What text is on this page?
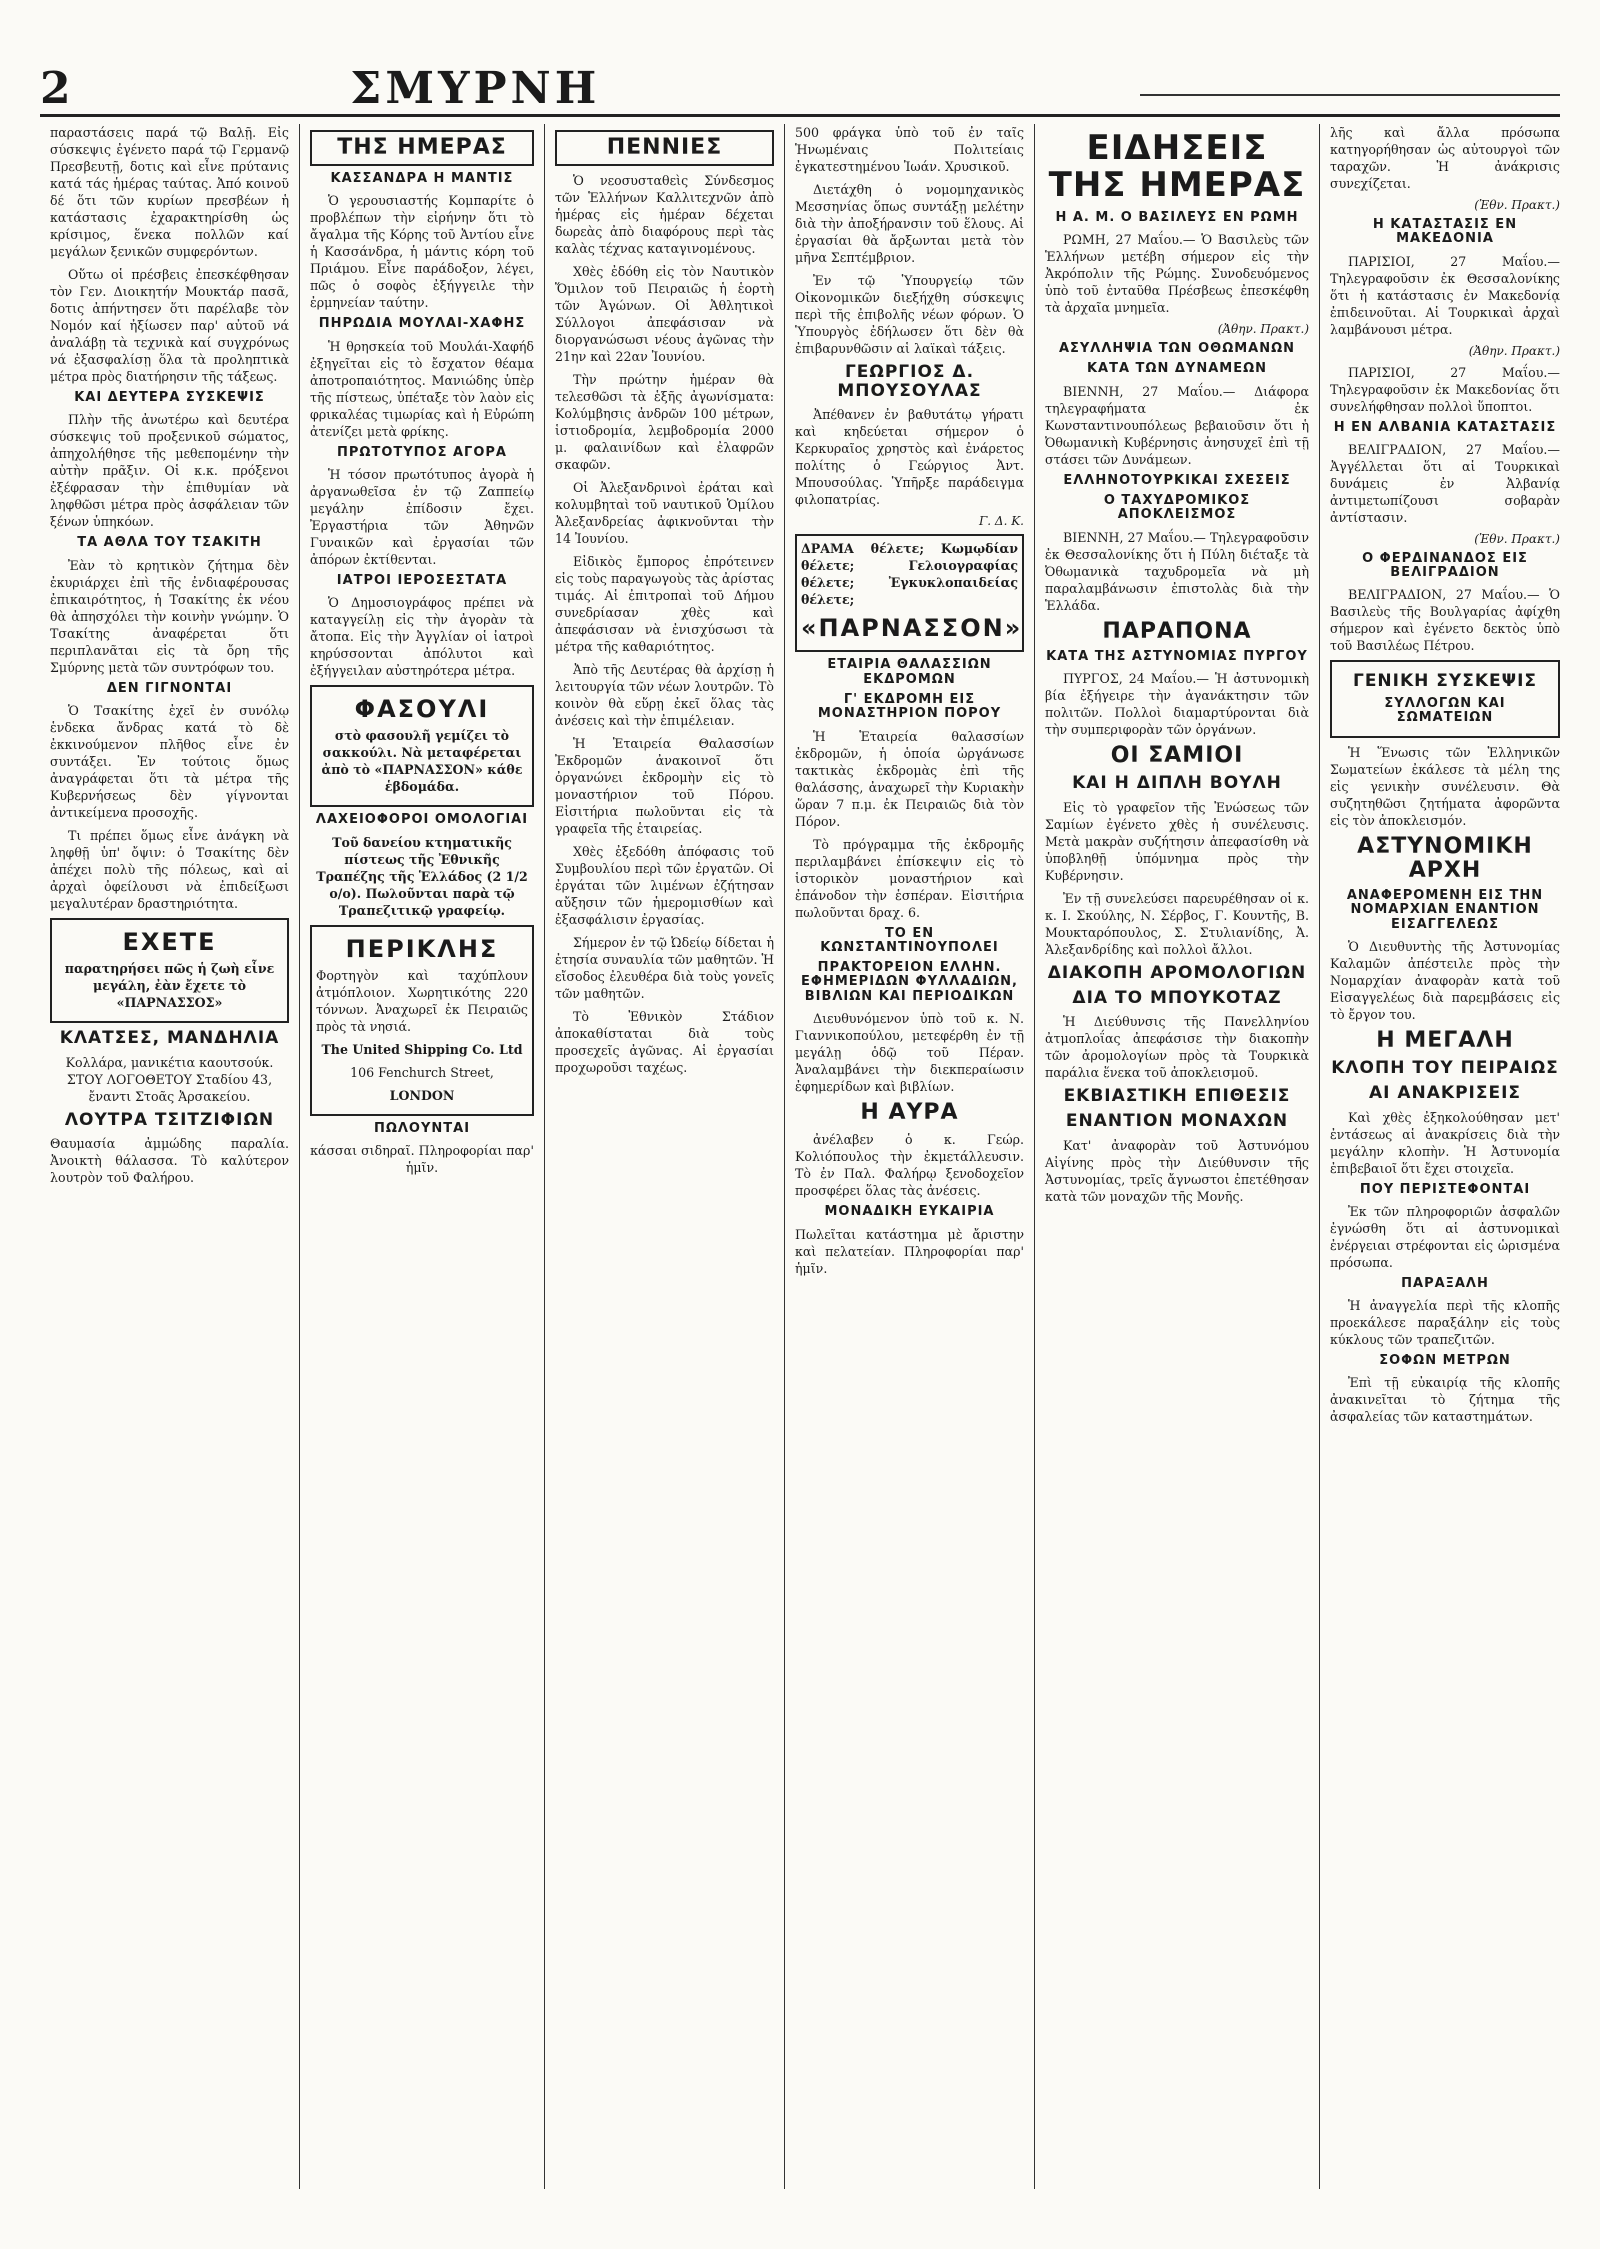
2	ΣΜΥΡΝΗ

παραστάσεις παρά τῷ Βαλῇ. Εἰς σύσκεψις ἐγένετο παρά τῷ Γερμανῷ Πρεσβευτῇ, δοτις καὶ εἶνε πρύτανις κατά τάς ἡμέρας ταύτας. Ἀπό κοινοῦ δέ ὅτι τῶν κυρίων πρεσβέων ἡ κατάστασις ἐχαρακτηρίσθη ὡς κρίσιμος, ἕνεκα πολλῶν καί μεγάλων ξενικῶν συμφερόντων.

Οὕτω οἱ πρέσβεις ἐπεσκέφθησαν τὸν Γεν. Διοικητήν Μουκτάρ πασᾶ, δοτις ἀπήντησεν ὅτι παρέλαβε τὸν Νομόν καί ἠξίωσεν παρ' αὐτοῦ νά ἀναλάβῃ τὰ τεχνικὰ καί συγχρόνως νά ἐξασφαλίσῃ ὅλα τὰ προληπτικὰ μέτρα πρὸς διατήρησιν τῆς τάξεως.

ΚΑΙ ΔΕΥΤΕΡΑ ΣΥΣΚΕΨΙΣ

Πλὴν τῆς ἀνωτέρω καὶ δευτέρα σύσκεψις τοῦ προξενικοῦ σώματος, ἀπηχολήθησε τῆς μεθεπομένην τὴν αὐτὴν πρᾶξιν. Οἱ κ.κ. πρόξενοι ἐξέφρασαν τὴν ἐπιθυμίαν νὰ ληφθῶσι μέτρα πρὸς ἀσφάλειαν τῶν ξένων ὑπηκόων.

ΤΑ ΑΘΛΑ ΤΟΥ ΤΣΑΚΙΤΗ

Ἐὰν τὸ κρητικὸν ζήτημα δὲν ἐκυριάρχει ἐπὶ τῆς ἐνδιαφέρουσας ἐπικαιρότητος, ἡ Τσακίτης ἐκ νέου θὰ ἀπησχόλει τὴν κοινὴν γνώμην. Ὁ Τσακίτης ἀναφέρεται ὅτι περιπλανᾶται εἰς τὰ ὄρη τῆς Σμύρνης μετὰ τῶν συντρόφων του.

ΔΕΝ ΓΙΓΝΟΝΤΑΙ

Ὁ Τσακίτης ἐχεῖ ἐν συνόλῳ ἑνδεκα ἄνδρας κατά τὸ δὲ ἐκκινούμενον πλῆθος εἶνε ἐν συντάξει. Ἐν τούτοις ὅμως ἀναγράφεται ὅτι τὰ μέτρα τῆς Κυβερνήσεως δὲν γίγνονται ἀντικείμενα προσοχῆς.

Τι πρέπει ὅμως εἶνε ἀνάγκη νὰ ληφθῇ ὑπ' ὄψιν: ὁ Τσακίτης δὲν ἀπέχει πολὺ τῆς πόλεως, καὶ αἱ ἀρχαὶ ὀφείλουσι νὰ ἐπιδείξωσι μεγαλυτέραν δραστηριότητα.

ΕΧΕΤΕ

παρατηρήσει πῶς ἡ ζωὴ εἶνε μεγάλη, ἐὰν ἔχετε τὸ «ΠΑΡΝΑΣΣΟΣ»

ΚΛΑΤΣΕΣ, ΜΑΝΔΗΛΙΑ

Κολλάρα, μανικέτια καουτσούκ. ΣΤΟΥ ΛΟΓΟΘΕΤΟΥ Σταδίου 43, ἔναντι Στοᾶς Ἀρσακείου.

ΛΟΥΤΡΑ ΤΣΙΤΖΙΦΙΩΝ

Θαυμασία ἀμμώδης παραλία. Ἀνοικτὴ θάλασσα. Τὸ καλύτερον λουτρὸν τοῦ Φαλήρου.

ΤΗΣ ΗΜΕΡΑΣ
ΚΑΣΣΑΝΔΡΑ Η ΜΑΝΤΙΣ

Ὁ γερουσιαστής Κομπαρίτε ὁ προβλέπων τὴν εἰρήνην ὅτι τὸ ἄγαλμα τῆς Κόρης τοῦ Ἀντίου εἶνε ἡ Κασσάνδρα, ἡ μάντις κόρη τοῦ Πριάμου. Εἶνε παράδοξον, λέγει, πῶς ὁ σοφὸς ἐξήγγειλε τὴν ἐρμηνείαν ταύτην.

ΠΗΡΩΔΙΑ ΜΟΥΛΑΙ-ΧΑΦΗΣ

Ἡ θρησκεία τοῦ Μουλάι-Χαφήδ ἐξηγεῖται εἰς τὸ ἔσχατον θέαμα ἀποτροπαιότητος. Μανιώδης ὑπὲρ τῆς πίστεως, ὑπέταξε τὸν λαὸν εἰς φρικαλέας τιμωρίας καὶ ἡ Εὐρώπη ἀτενίζει μετὰ φρίκης.

ΠΡΩΤΟΤΥΠΟΣ ΑΓΟΡΑ

Ἡ τόσον πρωτότυπος ἀγορὰ ἡ ἀργανωθεῖσα ἐν τῷ Ζαππείῳ μεγάλην ἐπίδοσιν ἔχει. Ἐργαστήρια τῶν Ἀθηνῶν Γυναικῶν καὶ ἐργασίαι τῶν ἀπόρων ἐκτίθενται.

ΙΑΤΡΟΙ ΙΕΡΟΣΕΣΤΑΤΑ

Ὁ Δημοσιογράφος πρέπει νὰ καταγγείλῃ εἰς τὴν ἀγορὰν τὰ ἄτοπα. Εἰς τὴν Ἀγγλίαν οἱ ἰατροὶ κηρύσσονται ἀπόλυτοι καὶ ἐξήγγειλαν αὐστηρότερα μέτρα.

ΦΑΣΟΥΛΙ

στὸ φασουλῆ γεμίζει τὸ σακκούλι. Νὰ μεταφέρεται ἀπὸ τὸ «ΠΑΡΝΑΣΣΟΝ» κάθε ἑβδομάδα.

ΛΑΧΕΙΟΦΟΡΟΙ ΟΜΟΛΟΓΙΑΙ

Τοῦ δανείου κτηματικῆς πίστεως τῆς Ἐθνικῆς Τραπέζης τῆς Ἑλλάδος (2 1/2 ο/ο). Πωλοῦνται παρὰ τῷ Τραπεζιτικῷ γραφείῳ.

ΠΕΡΙΚΛΗΣ

Φορτηγὸν καὶ ταχύπλουν ἀτμόπλοιον. Χωρητικότης 220 τόννων. Ἀναχωρεῖ ἐκ Πειραιῶς πρὸς τὰ νησιά.

The United Shipping Co. Ltd

106 Fenchurch Street,

LONDON

ΠΩΛΟΥΝΤΑΙ

κάσσαι σιδηραῖ. Πληροφορίαι παρ' ἡμῖν.

ΠΕΝΝΙΕΣ

Ὁ νεοσυσταθεὶς Σύνδεσμος τῶν Ἑλλήνων Καλλιτεχνῶν ἀπὸ ἡμέρας εἰς ἡμέραν δέχεται δωρεὰς ἀπὸ διαφόρους περὶ τὰς καλὰς τέχνας καταγινομένους.

Χθὲς ἐδόθη εἰς τὸν Ναυτικὸν Ὅμιλον τοῦ Πειραιῶς ἡ ἑορτὴ τῶν Ἀγώνων. Οἱ Ἀθλητικοὶ Σύλλογοι ἀπεφάσισαν νὰ διοργανώσωσι νέους ἀγῶνας τὴν 21ην καὶ 22αν Ἰουνίου.

Τὴν πρώτην ἡμέραν θὰ τελεσθῶσι τὰ ἑξῆς ἀγωνίσματα: Κολύμβησις ἀνδρῶν 100 μέτρων, ἱστιοδρομία, λεμβοδρομία 2000 μ. φαλαινίδων καὶ ἐλαφρῶν σκαφῶν.

Οἱ Ἀλεξανδρινοὶ ἐράται καὶ κολυμβηταὶ τοῦ ναυτικοῦ Ὁμίλου Ἀλεξανδρείας ἀφικνοῦνται τὴν 14 Ἰουνίου.

Εἰδικὸς ἔμπορος ἐπρότεινεν εἰς τοὺς παραγωγοὺς τὰς ἀρίστας τιμάς. Αἱ ἐπιτροπαὶ τοῦ Δήμου συνεδρίασαν χθὲς καὶ ἀπεφάσισαν νὰ ἐνισχύσωσι τὰ μέτρα τῆς καθαριότητος.

Ἀπὸ τῆς Δευτέρας θὰ ἀρχίσῃ ἡ λειτουργία τῶν νέων λουτρῶν. Τὸ κοινὸν θὰ εὕρῃ ἐκεῖ ὅλας τὰς ἀνέσεις καὶ τὴν ἐπιμέλειαν.

Ἡ Ἑταιρεία Θαλασσίων Ἐκδρομῶν ἀνακοινοῖ ὅτι ὀργανώνει ἐκδρομὴν εἰς τὸ μοναστήριον τοῦ Πόρου. Εἰσιτήρια πωλοῦνται εἰς τὰ γραφεῖα τῆς ἑταιρείας.

Χθὲς ἐξεδόθη ἀπόφασις τοῦ Συμβουλίου περὶ τῶν ἐργατῶν. Οἱ ἐργάται τῶν λιμένων ἐζήτησαν αὔξησιν τῶν ἡμερομισθίων καὶ ἐξασφάλισιν ἐργασίας.

Σήμερον ἐν τῷ Ὠδείῳ δίδεται ἡ ἐτησία συναυλία τῶν μαθητῶν. Ἡ εἴσοδος ἐλευθέρα διὰ τοὺς γονεῖς τῶν μαθητῶν.

Τὸ Ἐθνικὸν Στάδιον ἀποκαθίσταται διὰ τοὺς προσεχεῖς ἀγῶνας. Αἱ ἐργασίαι προχωροῦσι ταχέως.

500 φράγκα ὑπὸ τοῦ ἐν ταῖς Ἡνωμέναις Πολιτείαις ἐγκατεστημένου Ἰωάν. Χρυσικοῦ.

Διετάχθη ὁ νομομηχανικὸς Μεσσηνίας ὅπως συντάξῃ μελέτην διὰ τὴν ἀποξήρανσιν τοῦ ἕλους. Αἱ ἐργασίαι θὰ ἄρξωνται μετὰ τὸν μῆνα Σεπτέμβριον.

Ἐν τῷ Ὑπουργείῳ τῶν Οἰκονομικῶν διεξήχθη σύσκεψις περὶ τῆς ἐπιβολῆς νέων φόρων. Ὁ Ὑπουργὸς ἐδήλωσεν ὅτι δὲν θὰ ἐπιβαρυνθῶσιν αἱ λαϊκαὶ τάξεις.

ΓΕΩΡΓΙΟΣ Δ. ΜΠΟΥΣΟΥΛΑΣ

Ἀπέθανεν ἐν βαθυτάτῳ γήρατι καὶ κηδεύεται σήμερον ὁ Κερκυραῖος χρηστὸς καὶ ἐνάρετος πολίτης ὁ Γεώργιος Ἀντ. Μπουσούλας. Ὑπῆρξε παράδειγμα φιλοπατρίας.

Γ. Δ. Κ.

ΔΡΑΜΑ θέλετε; Κωμῳδίαν θέλετε; Γελοιογραφίας θέλετε; Ἐγκυκλοπαιδείας θέλετε;

«ΠΑΡΝΑΣΣΟΝ»
ΕΤΑΙΡΙΑ ΘΑΛΑΣΣΙΩΝ ΕΚΔΡΟΜΩΝ
Γ' ΕΚΔΡΟΜΗ ΕΙΣ ΜΟΝΑΣΤΗΡΙΟΝ ΠΟΡΟΥ

Ἡ Ἑταιρεία θαλασσίων ἐκδρομῶν, ἡ ὁποία ὠργάνωσε τακτικὰς ἐκδρομὰς ἐπὶ τῆς θαλάσσης, ἀναχωρεῖ τὴν Κυριακὴν ὥραν 7 π.μ. ἐκ Πειραιῶς διὰ τὸν Πόρον.

Τὸ πρόγραμμα τῆς ἐκδρομῆς περιλαμβάνει ἐπίσκεψιν εἰς τὸ ἱστορικὸν μοναστήριον καὶ ἐπάνοδον τὴν ἑσπέραν. Εἰσιτήρια πωλοῦνται δραχ. 6.

ΤΟ ΕΝ ΚΩΝΣΤΑΝΤΙΝΟΥΠΟΛΕΙ
ΠΡΑΚΤΟΡΕΙΟΝ ΕΛΛΗΝ. ΕΦΗΜΕΡΙΔΩΝ ΦΥΛΛΑΔΙΩΝ, ΒΙΒΛΙΩΝ ΚΑΙ ΠΕΡΙΟΔΙΚΩΝ

Διευθυνόμενον ὑπὸ τοῦ κ. Ν. Γιαννικοπούλου, μετεφέρθη ἐν τῇ μεγάλῃ ὁδῷ τοῦ Πέραν. Ἀναλαμβάνει τὴν διεκπεραίωσιν ἐφημερίδων καὶ βιβλίων.

Η ΑΥΡΑ

ἀνέλαβεν ὁ κ. Γεώρ. Κολιόπουλος τὴν ἐκμετάλλευσιν. Τὸ ἐν Παλ. Φαλήρῳ ξενοδοχεῖον προσφέρει ὅλας τὰς ἀνέσεις.

ΜΟΝΑΔΙΚΗ ΕΥΚΑΙΡΙΑ

Πωλεῖται κατάστημα μὲ ἄριστην καὶ πελατείαν. Πληροφορίαι παρ' ἡμῖν.

ΕΙΔΗΣΕΙΣ ΤΗΣ ΗΜΕΡΑΣ
Η Α. Μ. Ο ΒΑΣΙΛΕΥΣ ΕΝ ΡΩΜΗ

ΡΩΜΗ, 27 Μαΐου.— Ὁ Βασιλεὺς τῶν Ἑλλήνων μετέβη σήμερον εἰς τὴν Ἀκρόπολιν τῆς Ρώμης. Συνοδευόμενος ὑπὸ τοῦ ἐνταῦθα Πρέσβεως ἐπεσκέφθη τὰ ἀρχαῖα μνημεῖα.

(Ἀθην. Πρακτ.)

ΑΣΥΛΛΗΨΙΑ ΤΩΝ ΟΘΩΜΑΝΩΝ
ΚΑΤΑ ΤΩΝ ΔΥΝΑΜΕΩΝ

ΒΙΕΝΝΗ, 27 Μαΐου.— Διάφορα τηλεγραφήματα ἐκ Κωνσταντινουπόλεως βεβαιοῦσιν ὅτι ἡ Ὀθωμανικὴ Κυβέρνησις ἀνησυχεῖ ἐπὶ τῇ στάσει τῶν Δυνάμεων.

ΕΛΛΗΝΟΤΟΥΡΚΙΚΑΙ ΣΧΕΣΕΙΣ
Ο ΤΑΧΥΔΡΟΜΙΚΟΣ ΑΠΟΚΛΕΙΣΜΟΣ

ΒΙΕΝΝΗ, 27 Μαΐου.— Τηλεγραφοῦσιν ἐκ Θεσσαλονίκης ὅτι ἡ Πύλη διέταξε τὰ Ὀθωμανικὰ ταχυδρομεῖα νὰ μὴ παραλαμβάνωσιν ἐπιστολὰς διὰ τὴν Ἑλλάδα.

ΠΑΡΑΠΟΝΑ
ΚΑΤΑ ΤΗΣ ΑΣΤΥΝΟΜΙΑΣ ΠΥΡΓΟΥ

ΠΥΡΓΟΣ, 24 Μαΐου.— Ἡ ἀστυνομικὴ βία ἐξήγειρε τὴν ἀγανάκτησιν τῶν πολιτῶν. Πολλοὶ διαμαρτύρονται διὰ τὴν συμπεριφορὰν τῶν ὀργάνων.

ΟΙ ΣΑΜΙΟΙ
ΚΑΙ Η ΔΙΠΛΗ ΒΟΥΛΗ

Εἰς τὸ γραφεῖον τῆς Ἐνώσεως τῶν Σαμίων ἐγένετο χθὲς ἡ συνέλευσις. Μετὰ μακρὰν συζήτησιν ἀπεφασίσθη νὰ ὑποβληθῇ ὑπόμνημα πρὸς τὴν Κυβέρνησιν.

Ἐν τῇ συνελεύσει παρευρέθησαν οἱ κ. κ. Ι. Σκούλης, Ν. Σέρβος, Γ. Κουντῆς, Β. Μουκταρόπουλος, Σ. Στυλιανίδης, Ἀ. Ἀλεξανδρίδης καὶ πολλοὶ ἄλλοι.

ΔΙΑΚΟΠΗ ΑΡΟΜΟΛΟΓΙΩΝ
ΔΙΑ ΤΟ ΜΠΟΥΚΟΤΑΖ

Ἡ Διεύθυνσις τῆς Πανελληνίου ἀτμοπλοΐας ἀπεφάσισε τὴν διακοπὴν τῶν ἀρομολογίων πρὸς τὰ Τουρκικὰ παράλια ἕνεκα τοῦ ἀποκλεισμοῦ.

ΕΚΒΙΑΣΤΙΚΗ ΕΠΙΘΕΣΙΣ
ΕΝΑΝΤΙΟΝ ΜΟΝΑΧΩΝ

Κατ' ἀναφορὰν τοῦ Ἀστυνόμου Αἰγίνης πρὸς τὴν Διεύθυνσιν τῆς Ἀστυνομίας, τρεῖς ἄγνωστοι ἐπετέθησαν κατὰ τῶν μοναχῶν τῆς Μονῆς.

λῆς καὶ ἄλλα πρόσωπα κατηγορήθησαν ὡς αὐτουργοὶ τῶν ταραχῶν. Ἡ ἀνάκρισις συνεχίζεται.

(Ἐθν. Πρακτ.)

Η ΚΑΤΑΣΤΑΣΙΣ ΕΝ ΜΑΚΕΔΟΝΙΑ

ΠΑΡΙΣΙΟΙ, 27 Μαΐου.— Τηλεγραφοῦσιν ἐκ Θεσσαλονίκης ὅτι ἡ κατάστασις ἐν Μακεδονίᾳ ἐπιδεινοῦται. Αἱ Τουρκικαὶ ἀρχαὶ λαμβάνουσι μέτρα.

(Ἀθην. Πρακτ.)

ΠΑΡΙΣΙΟΙ, 27 Μαΐου.— Τηλεγραφοῦσιν ἐκ Μακεδονίας ὅτι συνελήφθησαν πολλοὶ ὕποπτοι.

Η ΕΝ ΑΛΒΑΝΙΑ ΚΑΤΑΣΤΑΣΙΣ

ΒΕΛΙΓΡΑΔΙΟΝ, 27 Μαΐου.— Ἀγγέλλεται ὅτι αἱ Τουρκικαὶ δυνάμεις ἐν Ἀλβανίᾳ ἀντιμετωπίζουσι σοβαρὰν ἀντίστασιν.

(Ἐθν. Πρακτ.)

Ο ΦΕΡΔΙΝΑΝΔΟΣ ΕΙΣ ΒΕΛΙΓΡΑΔΙΟΝ

ΒΕΛΙΓΡΑΔΙΟΝ, 27 Μαΐου.— Ὁ Βασιλεὺς τῆς Βουλγαρίας ἀφίχθη σήμερον καὶ ἐγένετο δεκτὸς ὑπὸ τοῦ Βασιλέως Πέτρου.

ΓΕΝΙΚΗ ΣΥΣΚΕΨΙΣ
ΣΥΛΛΟΓΩΝ ΚΑΙ ΣΩΜΑΤΕΙΩΝ

Ἡ Ἕνωσις τῶν Ἑλληνικῶν Σωματείων ἐκάλεσε τὰ μέλη της εἰς γενικὴν συνέλευσιν. Θὰ συζητηθῶσι ζητήματα ἀφορῶντα εἰς τὸν ἀποκλεισμόν.

ΑΣΤΥΝΟΜΙΚΗ ΑΡΧΗ
ΑΝΑΦΕΡΟΜΕΝΗ ΕΙΣ ΤΗΝ ΝΟΜΑΡΧΙΑΝ ΕΝΑΝΤΙΟΝ ΕΙΣΑΓΓΕΛΕΩΣ

Ὁ Διευθυντὴς τῆς Ἀστυνομίας Καλαμῶν ἀπέστειλε πρὸς τὴν Νομαρχίαν ἀναφορὰν κατὰ τοῦ Εἰσαγγελέως διὰ παρεμβάσεις εἰς τὸ ἔργον του.

Η ΜΕΓΑΛΗ
ΚΛΟΠΗ ΤΟΥ ΠΕΙΡΑΙΩΣ
ΑΙ ΑΝΑΚΡΙΣΕΙΣ

Καὶ χθὲς ἐξηκολούθησαν μετ' ἐντάσεως αἱ ἀνακρίσεις διὰ τὴν μεγάλην κλοπὴν. Ἡ Ἀστυνομία ἐπιβεβαιοῖ ὅτι ἔχει στοιχεῖα.

ΠΟΥ ΠΕΡΙΣΤΕΦΟΝΤΑΙ

Ἐκ τῶν πληροφοριῶν ἀσφαλῶν ἐγνώσθη ὅτι αἱ ἀστυνομικαὶ ἐνέργειαι στρέφονται εἰς ὡρισμένα πρόσωπα.

ΠΑΡΑΞΑΛΗ

Ἡ ἀναγγελία περὶ τῆς κλοπῆς προεκάλεσε παραξάλην εἰς τοὺς κύκλους τῶν τραπεζιτῶν.

ΣΟΦΩΝ ΜΕΤΡΩΝ

Ἐπὶ τῇ εὐκαιρίᾳ τῆς κλοπῆς ἀνακινεῖται τὸ ζήτημα τῆς ἀσφαλείας τῶν καταστημάτων.
